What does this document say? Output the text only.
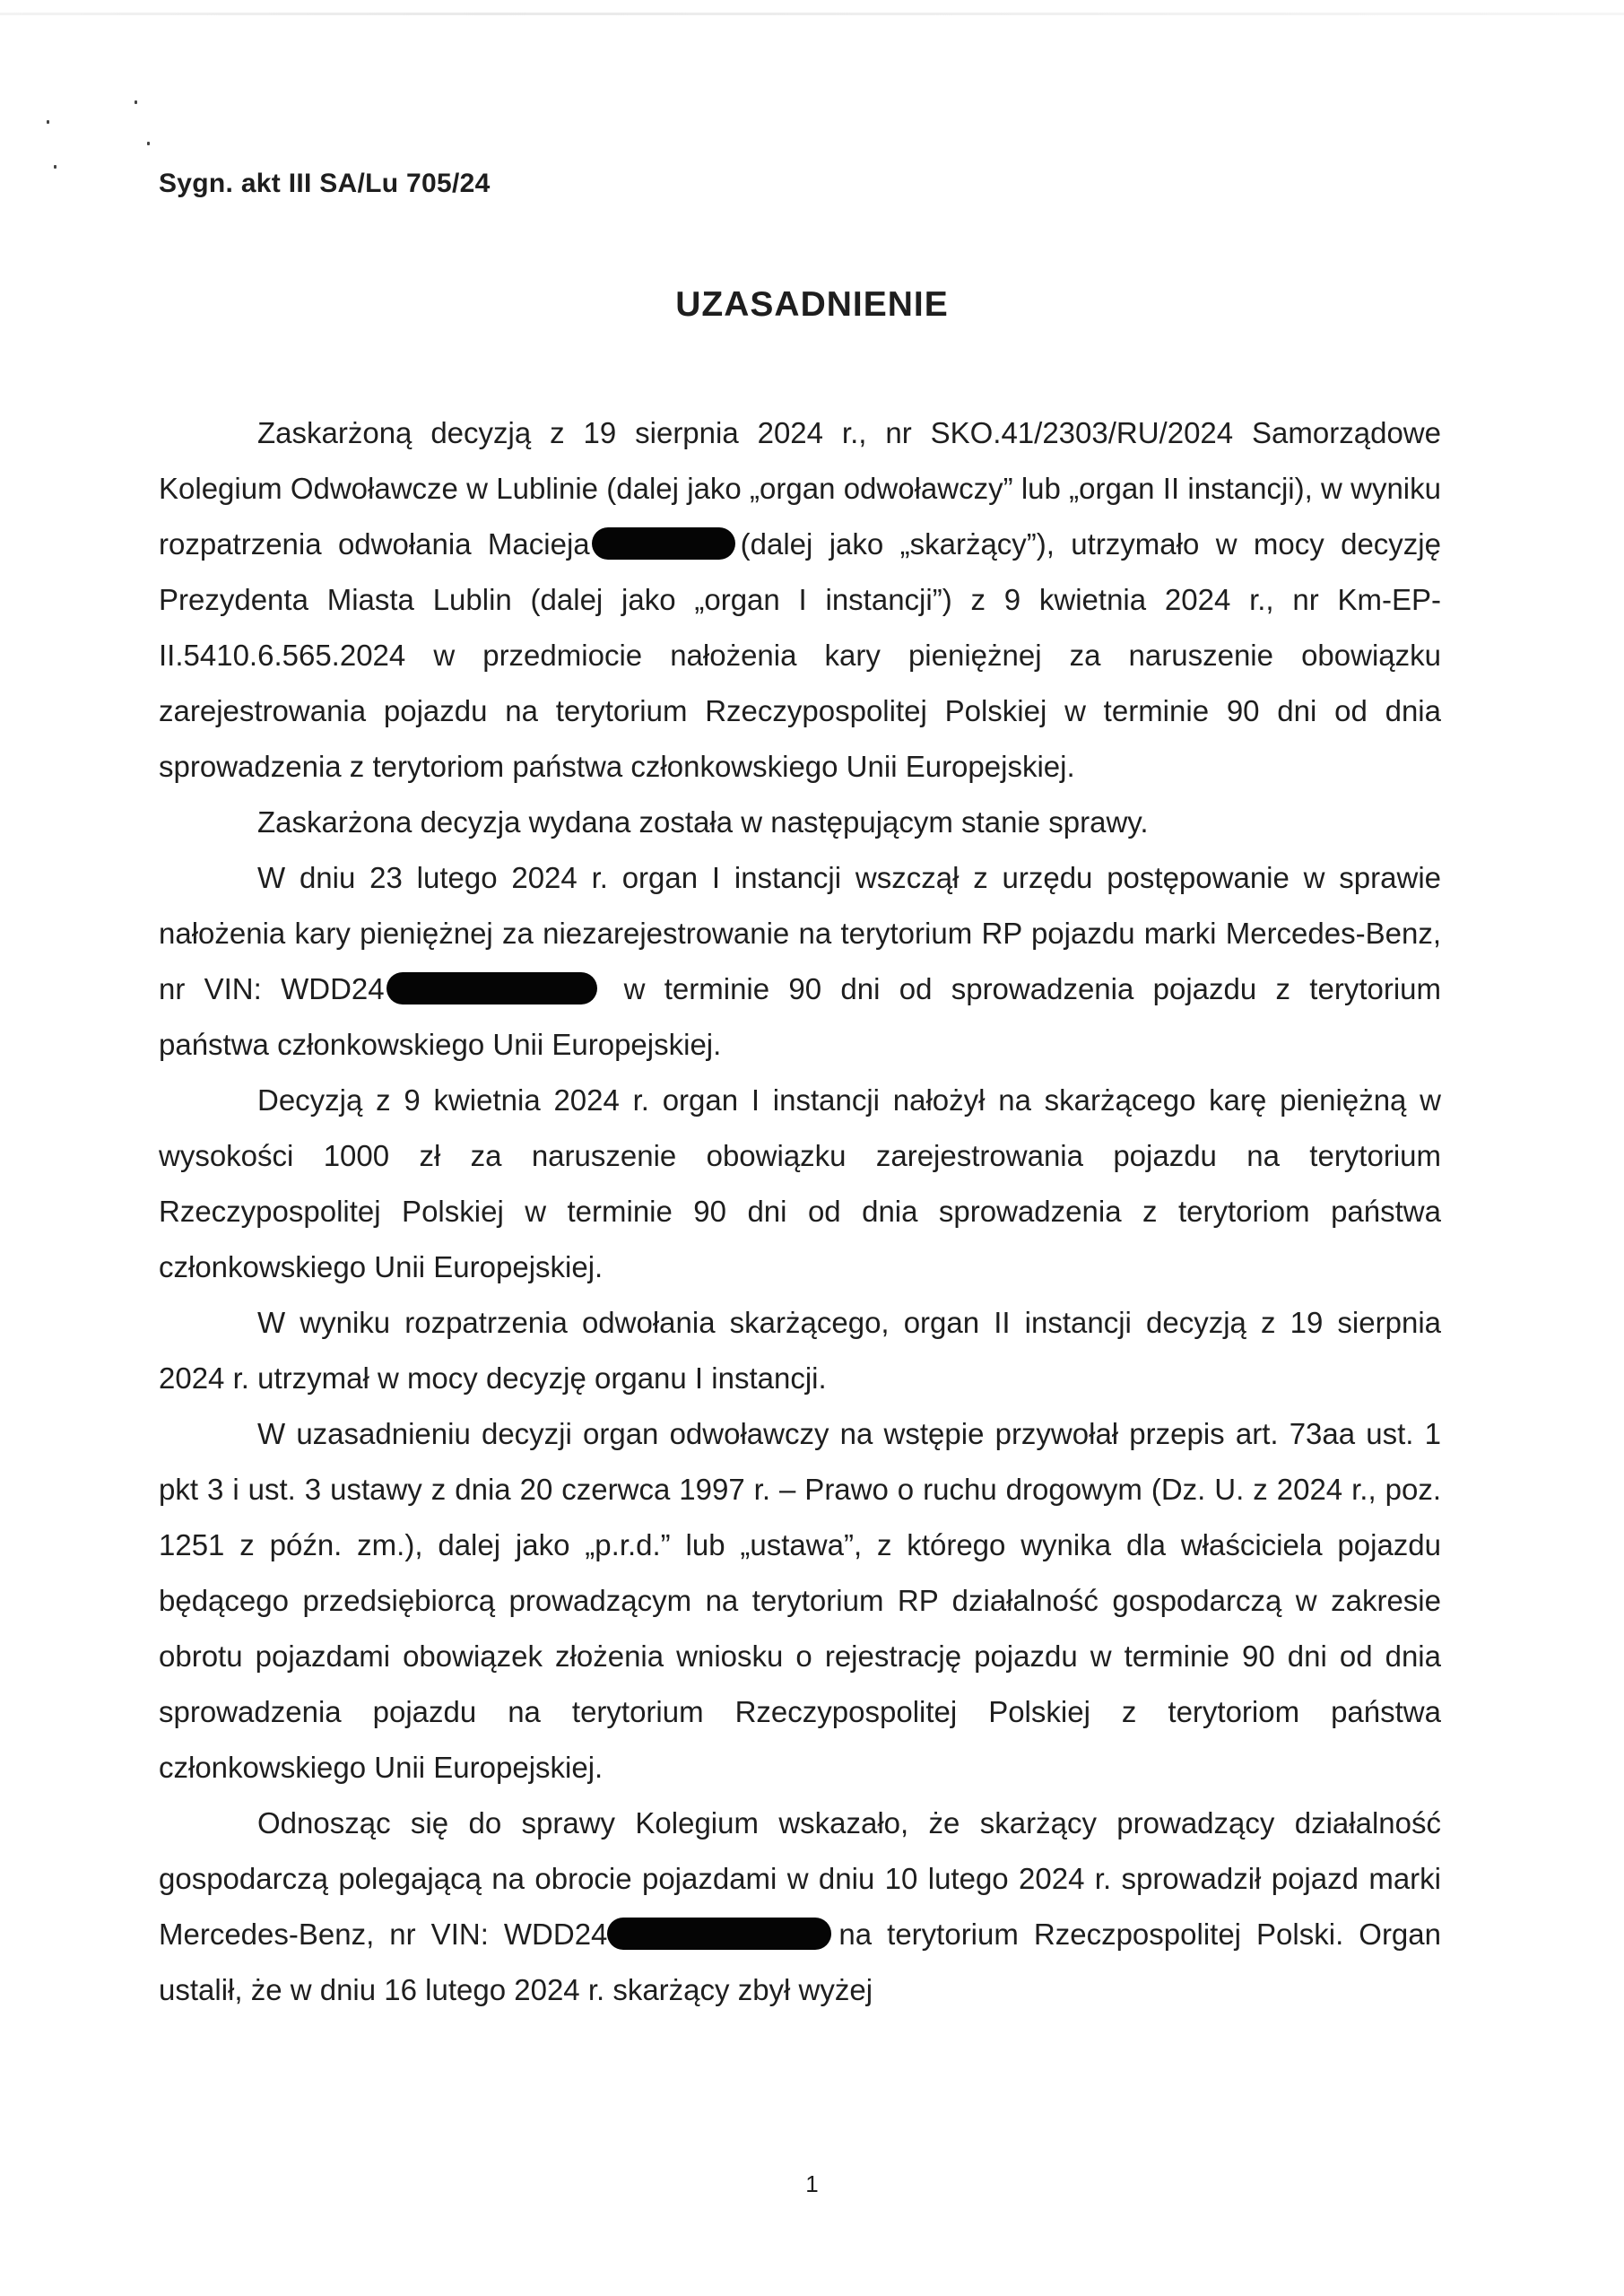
Sygn. akt III SA/Lu 705/24
UZASADNIENIE

Zaskarżoną decyzją z 19 sierpnia 2024 r., nr SKO.41/2303/RU/2024 Samorządowe Kolegium Odwoławcze w Lublinie (dalej jako „organ odwoławczy” lub „organ II instancji), w wyniku rozpatrzenia odwołania Macieja	(dalej jako „skarżący”), utrzymało w mocy decyzję Prezydenta Miasta Lublin (dalej jako „organ I instancji”) z 9 kwietnia 2024 r., nr Km-EP-II.5410.6.565.2024 w przedmiocie nałożenia kary pieniężnej za naruszenie obowiązku zarejestrowania pojazdu na terytorium Rzeczypospolitej Polskiej w terminie 90 dni od dnia sprowadzenia z terytoriom państwa członkowskiego Unii Europejskiej.

Zaskarżona decyzja wydana została w następującym stanie sprawy.

W dniu 23 lutego 2024 r. organ I instancji wszczął z urzędu postępowanie w sprawie nałożenia kary pieniężnej za niezarejestrowanie na terytorium RP pojazdu marki Mercedes-Benz, nr VIN: WDD24	w terminie 90 dni od sprowadzenia pojazdu z terytorium państwa członkowskiego Unii Europejskiej.

Decyzją z 9 kwietnia 2024 r. organ I instancji nałożył na skarżącego karę pieniężną w wysokości 1000 zł za naruszenie obowiązku zarejestrowania pojazdu na terytorium Rzeczypospolitej Polskiej w terminie 90 dni od dnia sprowadzenia z terytoriom państwa członkowskiego Unii Europejskiej.

W wyniku rozpatrzenia odwołania skarżącego, organ II instancji decyzją z 19 sierpnia 2024 r. utrzymał w mocy decyzję organu I instancji.

W uzasadnieniu decyzji organ odwoławczy na wstępie przywołał przepis art. 73aa ust. 1 pkt 3 i ust. 3 ustawy z dnia 20 czerwca 1997 r. – Prawo o ruchu drogowym (Dz. U. z 2024 r., poz. 1251 z późn. zm.), dalej jako „p.r.d.” lub „ustawa”, z którego wynika dla właściciela pojazdu będącego przedsiębiorcą prowadzącym na terytorium RP działalność gospodarczą w zakresie obrotu pojazdami obowiązek złożenia wniosku o rejestrację pojazdu w terminie 90 dni od dnia sprowadzenia pojazdu na terytorium Rzeczypospolitej Polskiej z terytoriom państwa członkowskiego Unii Europejskiej.

Odnosząc się do sprawy Kolegium wskazało, że skarżący prowadzący działalność gospodarczą polegającą na obrocie pojazdami w dniu 10 lutego 2024 r. sprowadził pojazd marki Mercedes-Benz, nr VIN: WDD24	na terytorium Rzeczpospolitej Polski. Organ ustalił, że w dniu 16 lutego 2024 r. skarżący zbył wyżej

1
